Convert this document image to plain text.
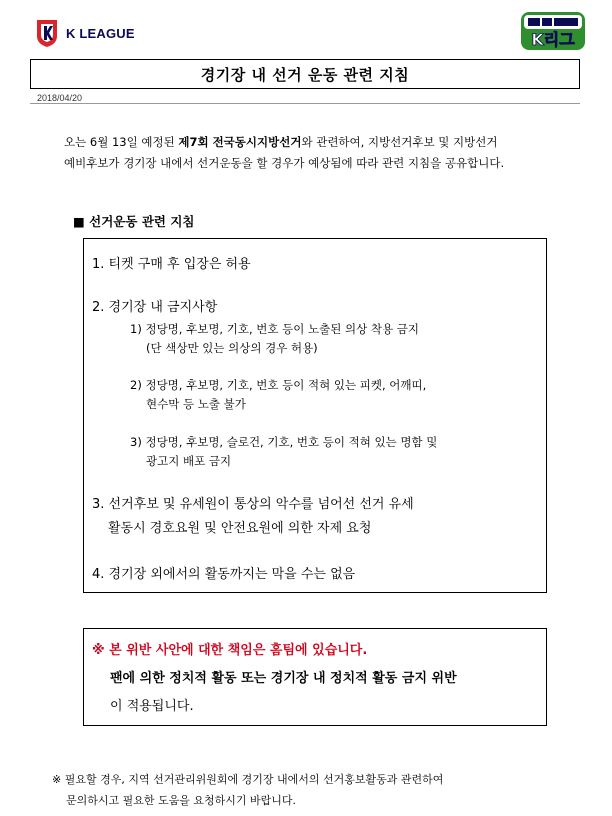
K LEAGUE	K리그
경기장 내 선거 운동 관련 지침
2018/04/20
오는 6월 13일 예정된 제7회 전국동시지방선거와 관련하여, 지방선거후보 및 지방선거
예비후보가 경기장 내에서 선거운동을 할 경우가 예상됨에 따라 관련 지침을 공유합니다.
■ 선거운동 관련 지침
1. 티켓 구매 후 입장은 허용
2. 경기장 내 금지사항
1) 정당명, 후보명, 기호, 번호 등이 노출된 의상 착용 금지
(단 색상만 있는 의상의 경우 허용)
2) 정당명, 후보명, 기호, 번호 등이 적혀 있는 피켓, 어깨띠,
현수막 등 노출 불가
3) 정당명, 후보명, 슬로건, 기호, 번호 등이 적혀 있는 명함 및
광고지 배포 금지
3. 선거후보 및 유세원이 통상의 악수를 넘어선 선거 유세
활동시 경호요원 및 안전요원에 의한 자제 요청
4. 경기장 외에서의 활동까지는 막을 수는 없음
※ 본 위반 사안에 대한 책임은 홈팀에 있습니다.
팬에 의한 정치적 활동 또는 경기장 내 정치적 활동 금지 위반
이 적용됩니다.
※ 필요할 경우, 지역 선거관리위원회에 경기장 내에서의 선거홍보활동과 관련하여
문의하시고 필요한 도움을 요청하시기 바랍니다.
